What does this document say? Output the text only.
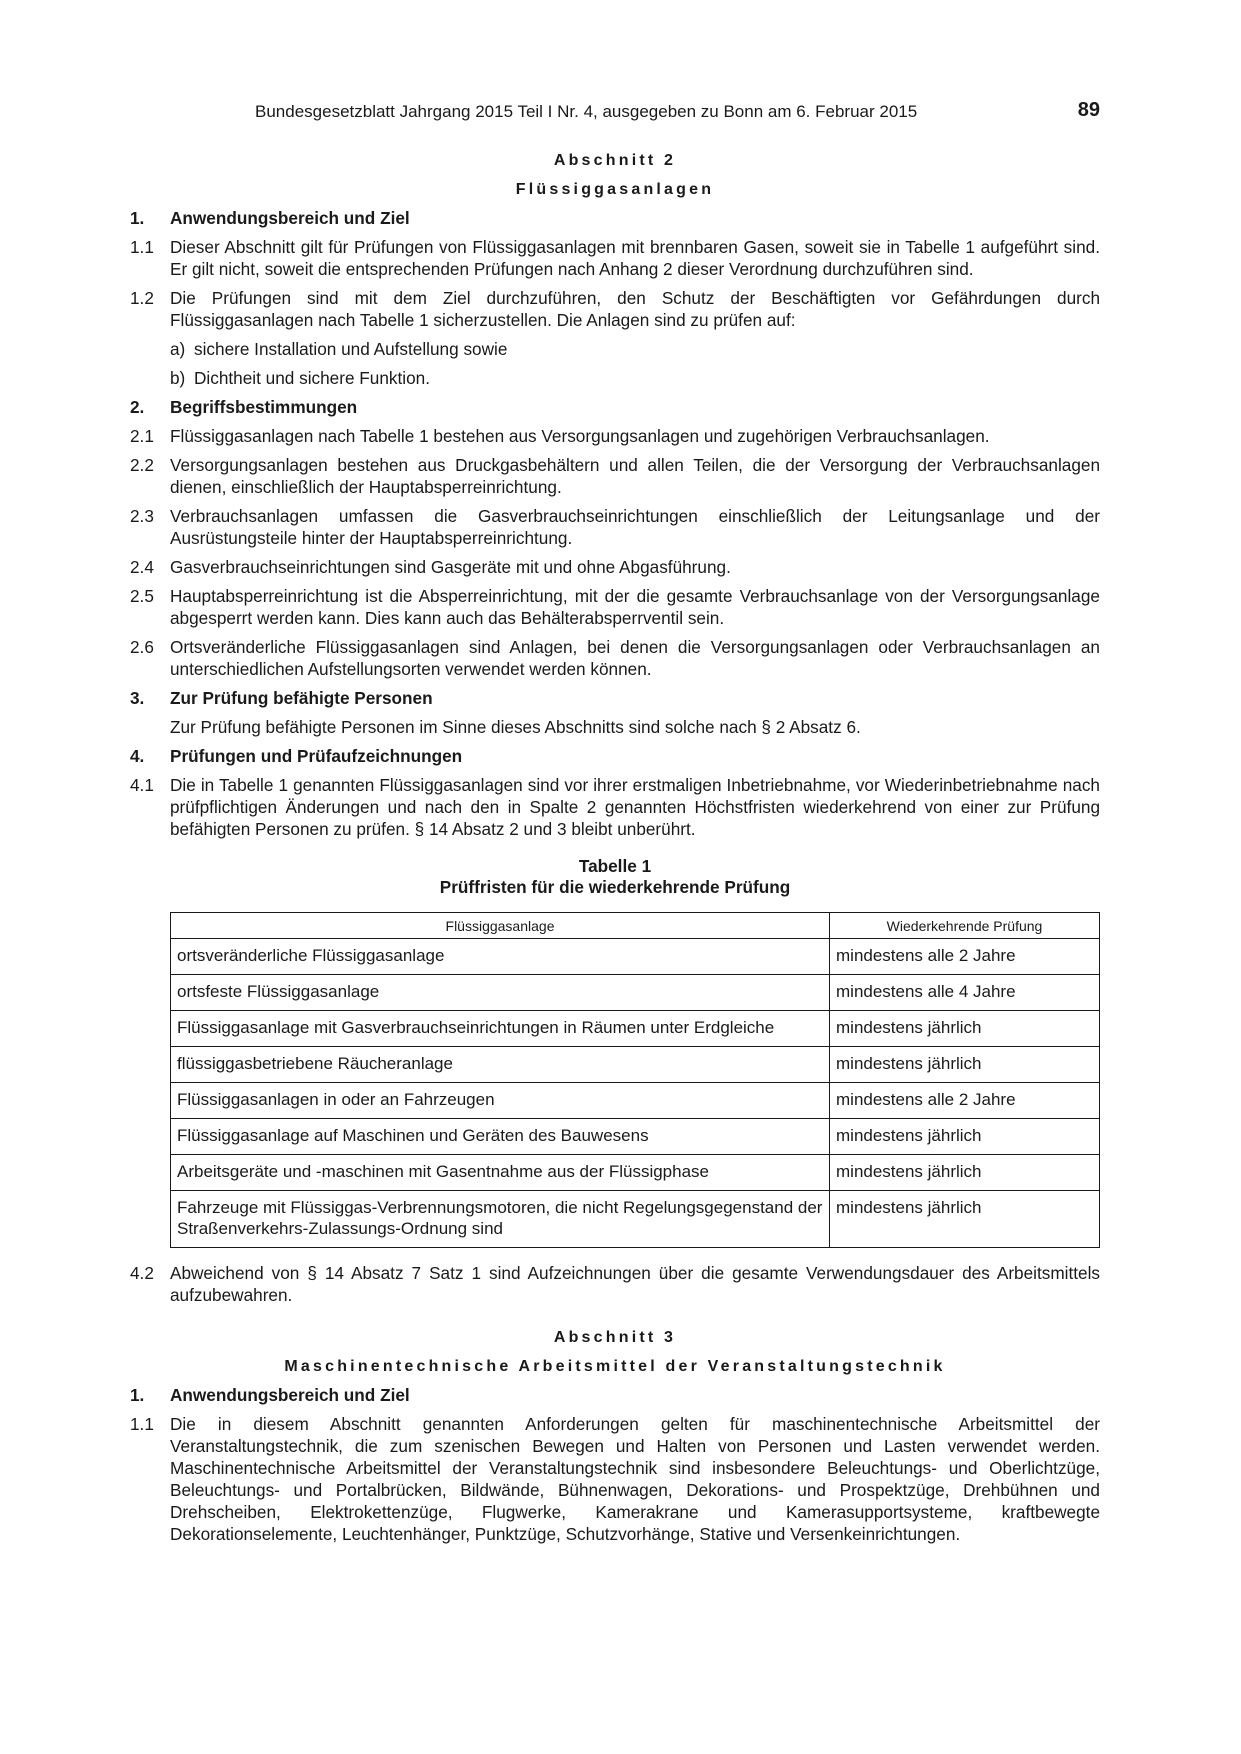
Bundesgesetzblatt Jahrgang 2015 Teil I Nr. 4, ausgegeben zu Bonn am 6. Februar 2015	89

Abschnitt 2

Flüssiggasanlagen

1. Anwendungsbereich und Ziel
1.1 Dieser Abschnitt gilt für Prüfungen von Flüssiggasanlagen mit brennbaren Gasen, soweit sie in Tabelle 1 aufgeführt sind. Er gilt nicht, soweit die entsprechenden Prüfungen nach Anhang 2 dieser Verordnung durchzuführen sind.
1.2 Die Prüfungen sind mit dem Ziel durchzuführen, den Schutz der Beschäftigten vor Gefährdungen durch Flüssiggasanlagen nach Tabelle 1 sicherzustellen. Die Anlagen sind zu prüfen auf:
a) sichere Installation und Aufstellung sowie
b) Dichtheit und sichere Funktion.
2. Begriffsbestimmungen
2.1 Flüssiggasanlagen nach Tabelle 1 bestehen aus Versorgungsanlagen und zugehörigen Verbrauchsanlagen.
2.2 Versorgungsanlagen bestehen aus Druckgasbehältern und allen Teilen, die der Versorgung der Verbrauchsanlagen dienen, einschließlich der Hauptabsperreinrichtung.
2.3 Verbrauchsanlagen umfassen die Gasverbrauchseinrichtungen einschließlich der Leitungsanlage und der Ausrüstungsteile hinter der Hauptabsperreinrichtung.
2.4 Gasverbrauchseinrichtungen sind Gasgeräte mit und ohne Abgasführung.
2.5 Hauptabsperreinrichtung ist die Absperreinrichtung, mit der die gesamte Verbrauchsanlage von der Versorgungsanlage abgesperrt werden kann. Dies kann auch das Behälterabsperrventil sein.
2.6 Ortsveränderliche Flüssiggasanlagen sind Anlagen, bei denen die Versorgungsanlagen oder Verbrauchsanlagen an unterschiedlichen Aufstellungsorten verwendet werden können.
3. Zur Prüfung befähigte Personen

Zur Prüfung befähigte Personen im Sinne dieses Abschnitts sind solche nach § 2 Absatz 6.

4. Prüfungen und Prüfaufzeichnungen
4.1 Die in Tabelle 1 genannten Flüssiggasanlagen sind vor ihrer erstmaligen Inbetriebnahme, vor Wiederinbetriebnahme nach prüfpflichtigen Änderungen und nach den in Spalte 2 genannten Höchstfristen wiederkehrend von einer zur Prüfung befähigten Personen zu prüfen. § 14 Absatz 2 und 3 bleibt unberührt.
Tabelle 1
Prüffristen für die wiederkehrende Prüfung
Flüssiggasanlage	Wiederkehrende Prüfung
ortsveränderliche Flüssiggasanlage	mindestens alle 2 Jahre
ortsfeste Flüssiggasanlage	mindestens alle 4 Jahre
Flüssiggasanlage mit Gasverbrauchseinrichtungen in Räumen unter Erdgleiche	mindestens jährlich
flüssiggasbetriebene Räucheranlage	mindestens jährlich
Flüssiggasanlagen in oder an Fahrzeugen	mindestens alle 2 Jahre
Flüssiggasanlage auf Maschinen und Geräten des Bauwesens	mindestens jährlich
Arbeitsgeräte und -maschinen mit Gasentnahme aus der Flüssigphase	mindestens jährlich
Fahrzeuge mit Flüssiggas-Verbrennungsmotoren, die nicht Regelungsgegenstand der Straßenverkehrs-Zulassungs-Ordnung sind	mindestens jährlich
4.2 Abweichend von § 14 Absatz 7 Satz 1 sind Aufzeichnungen über die gesamte Verwendungsdauer des Arbeitsmittels aufzubewahren.

Abschnitt 3

Maschinentechnische Arbeitsmittel der Veranstaltungstechnik

1. Anwendungsbereich und Ziel
1.1 Die in diesem Abschnitt genannten Anforderungen gelten für maschinentechnische Arbeitsmittel der Veranstaltungstechnik, die zum szenischen Bewegen und Halten von Personen und Lasten verwendet werden. Maschinentechnische Arbeitsmittel der Veranstaltungstechnik sind insbesondere Beleuchtungs- und Oberlichtzüge, Beleuchtungs- und Portalbrücken, Bildwände, Bühnenwagen, Dekorations- und Prospektzüge, Drehbühnen und Drehscheiben, Elektrokettenzüge, Flugwerke, Kamerakrane und Kamerasupportsysteme, kraftbewegte Dekorationselemente, Leuchtenhänger, Punktzüge, Schutzvorhänge, Stative und Versenkeinrichtungen.
